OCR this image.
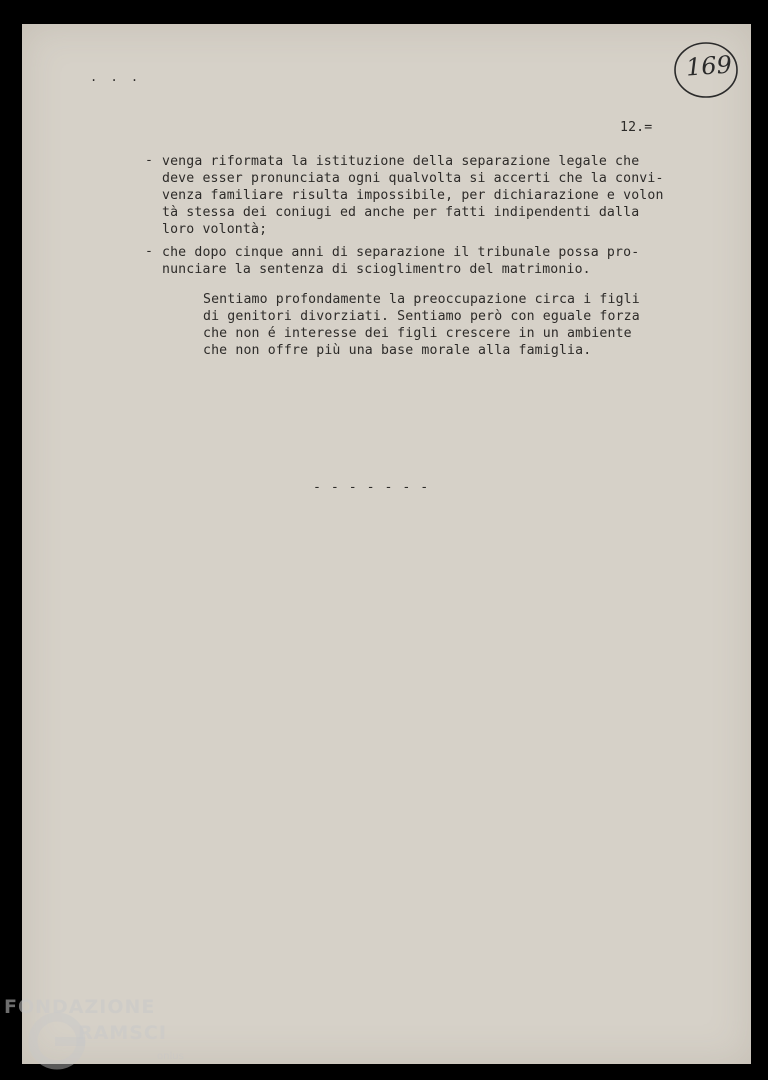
. . .
12.=
169
- venga riformata la istituzione della separazione legale che
deve esser pronunciata ogni qualvolta si accerti che la convi-
venza familiare risulta impossibile, per dichiarazione e volon
tà stessa dei coniugi ed anche per fatti indipendenti dalla
loro volontà;
- che dopo cinque anni di separazione il tribunale possa pro-
nunciare la sentenza di scioglimentro del matrimonio.
Sentiamo profondamente la preoccupazione circa i figli
di genitori divorziati. Sentiamo però con eguale forza
che non é interesse dei figli crescere in un ambiente
che non offre più una base morale alla famiglia.
- - - - - - -
FONDAZIONE
RAMSCI
onlus
